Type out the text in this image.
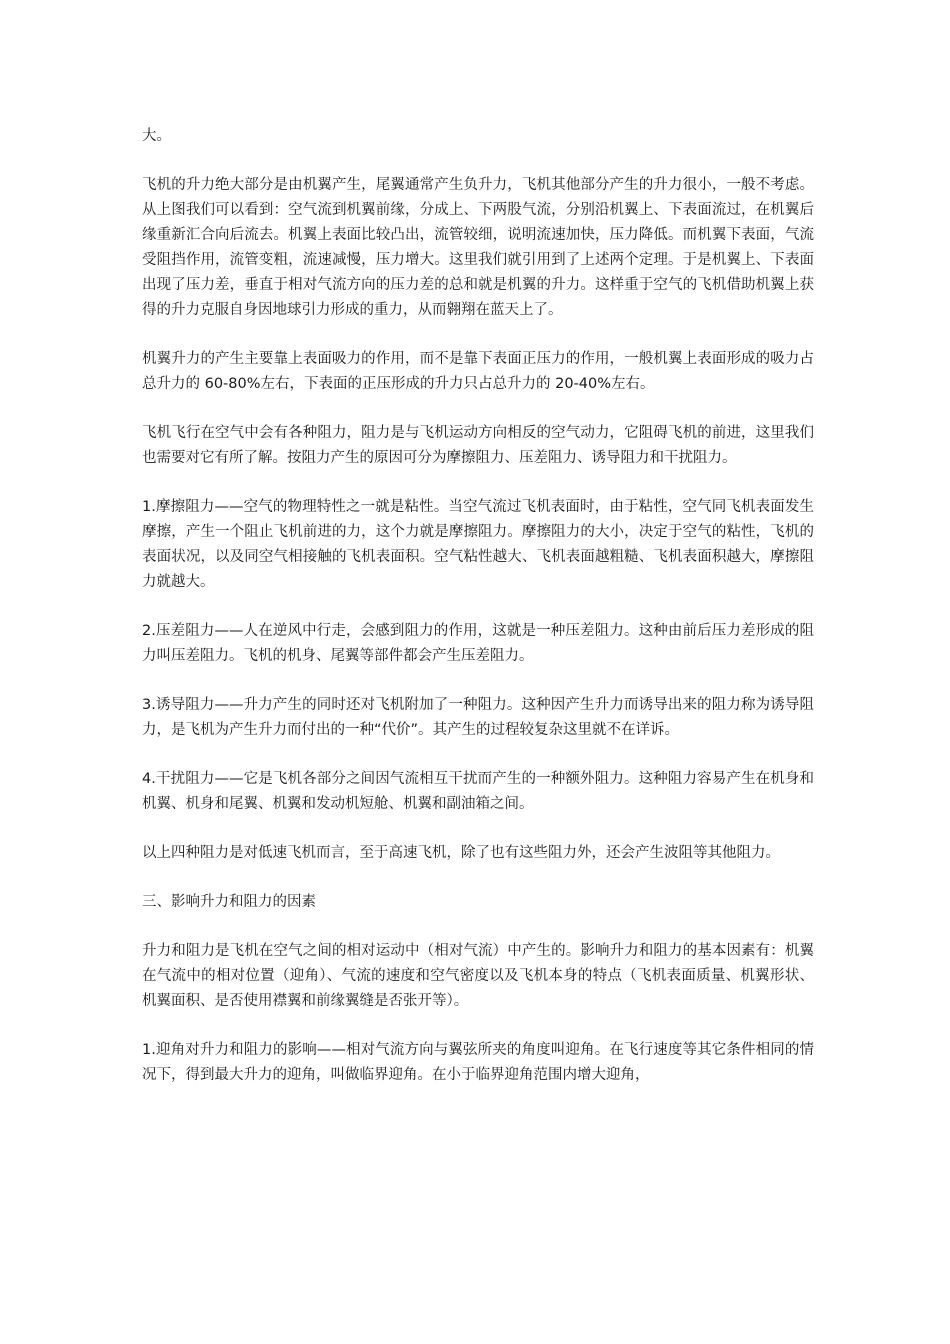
大。

飞机的升力绝大部分是由机翼产生，尾翼通常产生负升力，飞机其他部分产生的升力很小，一般不考虑。从上图我们可以看到：空气流到机翼前缘，分成上、下两股气流，分别沿机翼上、下表面流过，在机翼后缘重新汇合向后流去。机翼上表面比较凸出，流管较细，说明流速加快，压力降低。而机翼下表面，气流受阻挡作用，流管变粗，流速减慢，压力增大。这里我们就引用到了上述两个定理。于是机翼上、下表面出现了压力差，垂直于相对气流方向的压力差的总和就是机翼的升力。这样重于空气的飞机借助机翼上获得的升力克服自身因地球引力形成的重力，从而翱翔在蓝天上了。

机翼升力的产生主要靠上表面吸力的作用，而不是靠下表面正压力的作用，一般机翼上表面形成的吸力占总升力的 60-80%左右，下表面的正压形成的升力只占总升力的 20-40%左右。

飞机飞行在空气中会有各种阻力，阻力是与飞机运动方向相反的空气动力，它阻碍飞机的前进，这里我们也需要对它有所了解。按阻力产生的原因可分为摩擦阻力、压差阻力、诱导阻力和干扰阻力。

1.摩擦阻力——空气的物理特性之一就是粘性。当空气流过飞机表面时，由于粘性，空气同飞机表面发生摩擦，产生一个阻止飞机前进的力，这个力就是摩擦阻力。摩擦阻力的大小，决定于空气的粘性，飞机的表面状况，以及同空气相接触的飞机表面积。空气粘性越大、飞机表面越粗糙、飞机表面积越大，摩擦阻力就越大。

2.压差阻力——人在逆风中行走，会感到阻力的作用，这就是一种压差阻力。这种由前后压力差形成的阻力叫压差阻力。飞机的机身、尾翼等部件都会产生压差阻力。

3.诱导阻力——升力产生的同时还对飞机附加了一种阻力。这种因产生升力而诱导出来的阻力称为诱导阻力，是飞机为产生升力而付出的一种“代价”。其产生的过程较复杂这里就不在详诉。

4.干扰阻力——它是飞机各部分之间因气流相互干扰而产生的一种额外阻力。这种阻力容易产生在机身和机翼、机身和尾翼、机翼和发动机短舱、机翼和副油箱之间。

以上四种阻力是对低速飞机而言，至于高速飞机，除了也有这些阻力外，还会产生波阻等其他阻力。

三、影响升力和阻力的因素

升力和阻力是飞机在空气之间的相对运动中（相对气流）中产生的。影响升力和阻力的基本因素有：机翼在气流中的相对位置（迎角）、气流的速度和空气密度以及飞机本身的特点（飞机表面质量、机翼形状、机翼面积、是否使用襟翼和前缘翼缝是否张开等）。

1.迎角对升力和阻力的影响——相对气流方向与翼弦所夹的角度叫迎角。在飞行速度等其它条件相同的情况下，得到最大升力的迎角，叫做临界迎角。在小于临界迎角范围内增大迎角，
